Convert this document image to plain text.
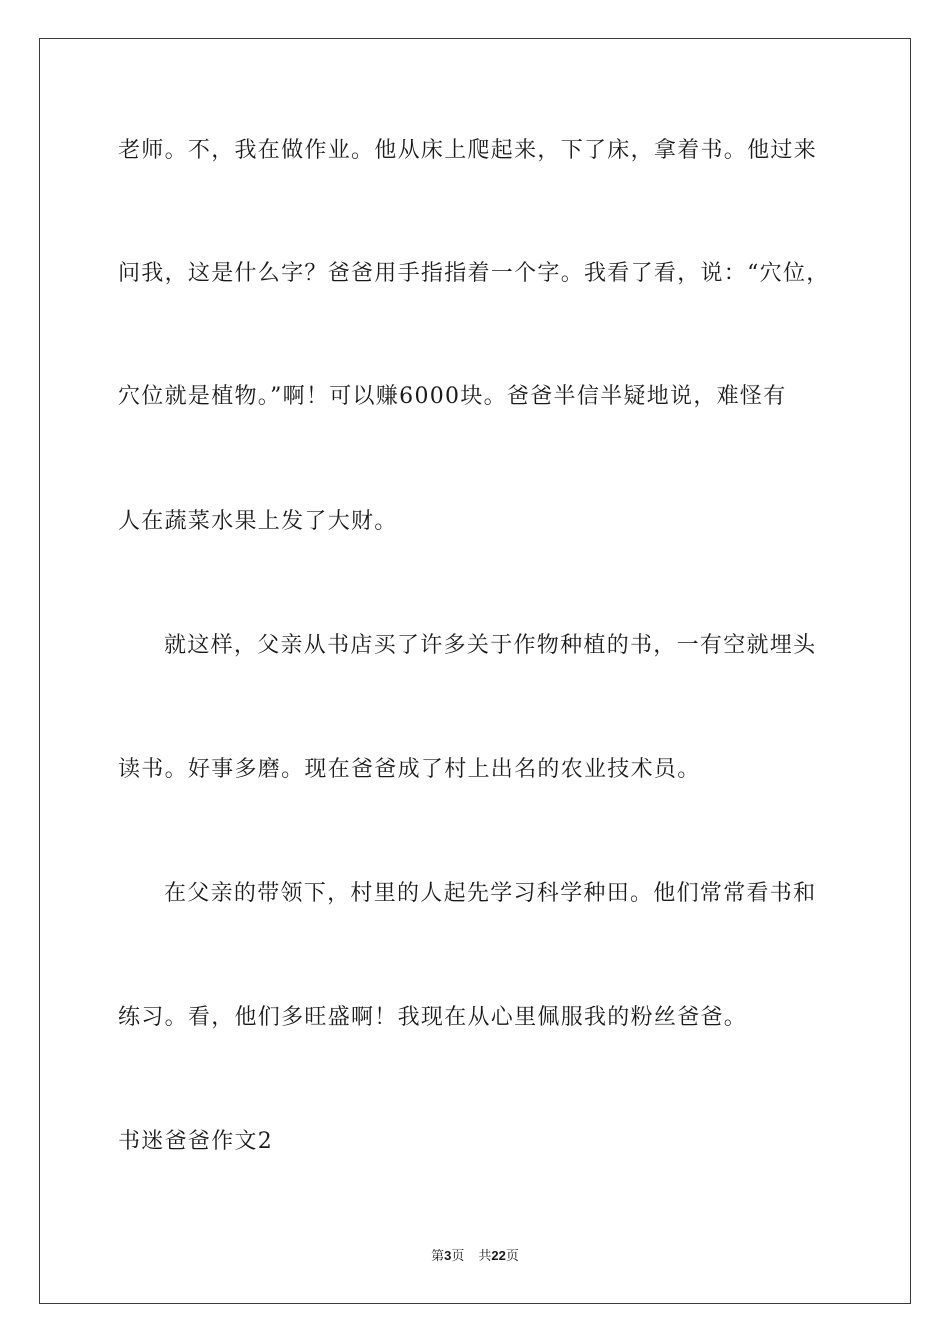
老师。不，我在做作业。他从床上爬起来，下了床，拿着书。他过来
问我，这是什么字？爸爸用手指指着一个字。我看了看，说：“穴位，
穴位就是植物。”啊！可以赚6000块。爸爸半信半疑地说，难怪有
人在蔬菜水果上发了大财。
就这样，父亲从书店买了许多关于作物种植的书，一有空就埋头
读书。好事多磨。现在爸爸成了村上出名的农业技术员。
在父亲的带领下，村里的人起先学习科学种田。他们常常看书和
练习。看，他们多旺盛啊！我现在从心里佩服我的粉丝爸爸。
书迷爸爸作文2
第3页 共22页
